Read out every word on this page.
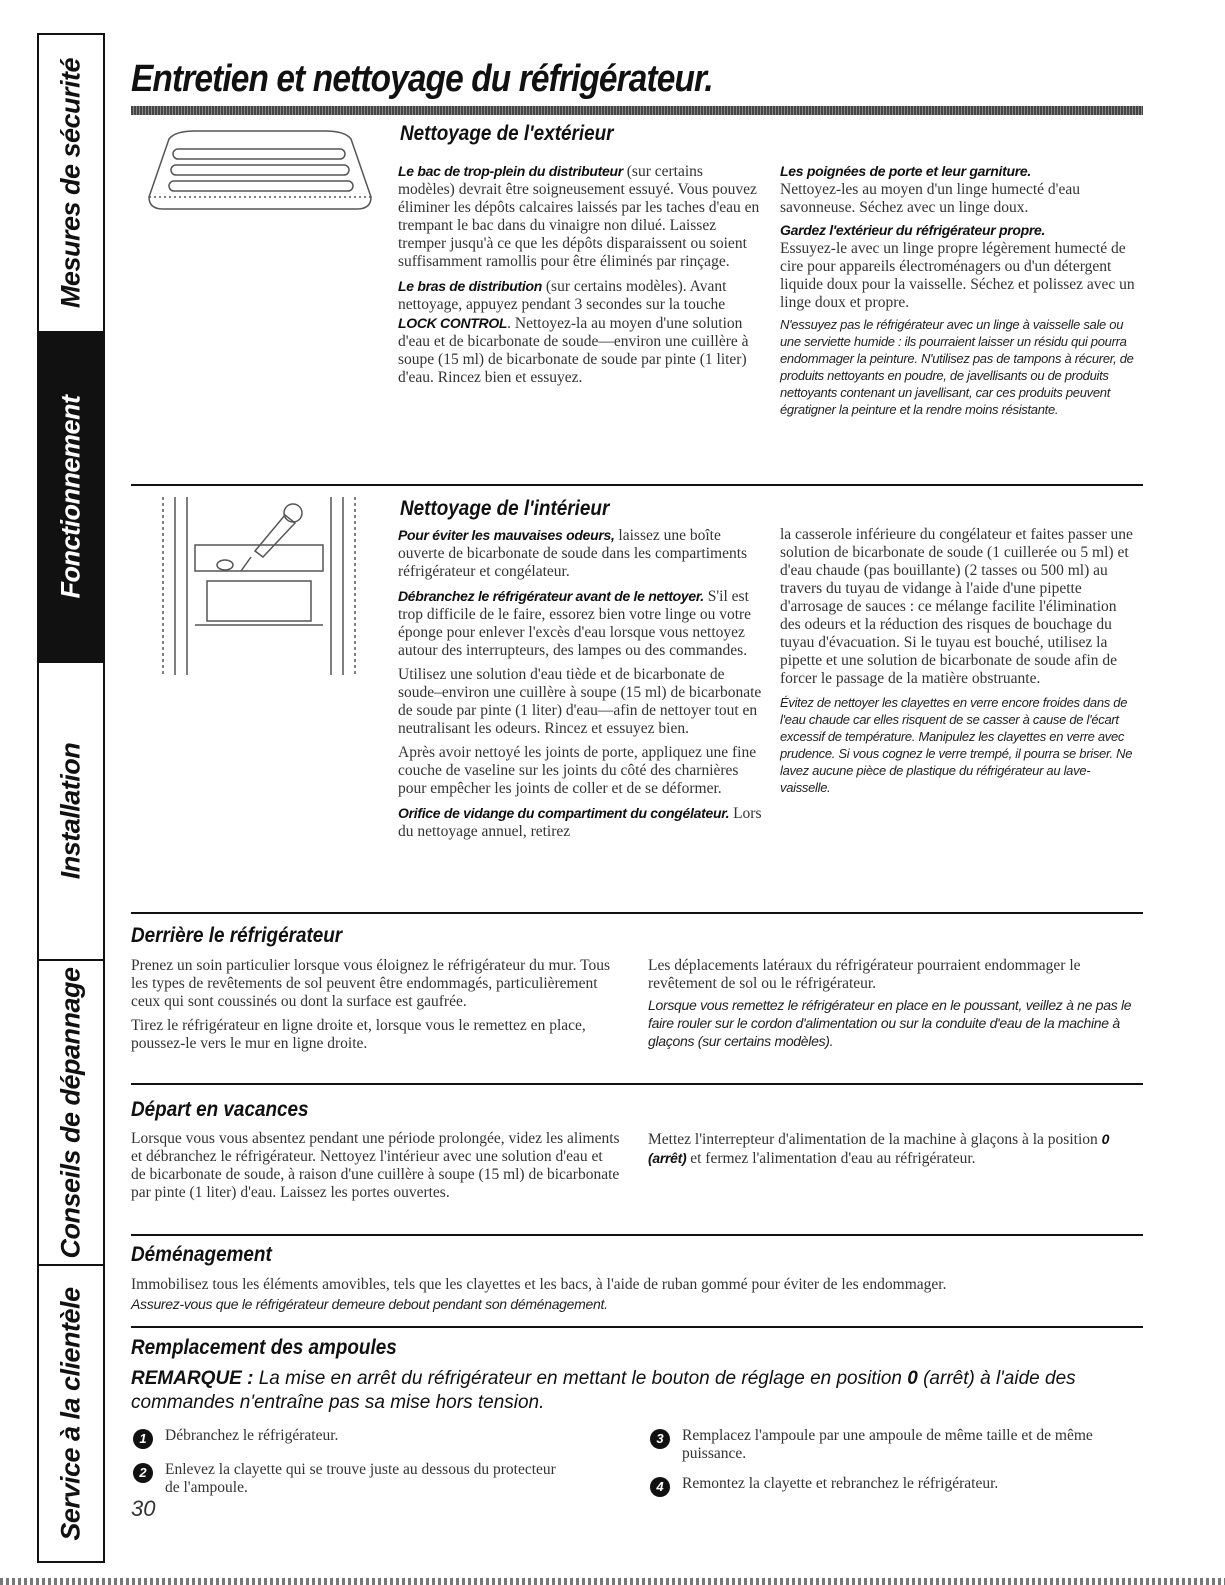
Mesures de sécurité
Fonctionnement
Installation
Conseils de dépannage
Service à la clientèle
Entretien et nettoyage du réfrigérateur.
Nettoyage de l'extérieur

Le bac de trop-plein du distributeur (sur certains modèles) devrait être soigneusement essuyé. Vous pouvez éliminer les dépôts calcaires laissés par les taches d'eau en trempant le bac dans du vinaigre non dilué. Laissez tremper jusqu'à ce que les dépôts disparaissent ou soient suffisamment ramollis pour être éliminés par rinçage.

Le bras de distribution (sur certains modèles). Avant nettoyage, appuyez pendant 3 secondes sur la touche LOCK CONTROL. Nettoyez-la au moyen d'une solution d'eau et de bicarbonate de soude—environ une cuillère à soupe (15 ml) de bicarbonate de soude par pinte (1 liter) d'eau. Rincez bien et essuyez.

Les poignées de porte et leur garniture.
Nettoyez-les au moyen d'un linge humecté d'eau savonneuse. Séchez avec un linge doux.

Gardez l'extérieur du réfrigérateur propre.
Essuyez-le avec un linge propre légèrement humecté de cire pour appareils électroménagers ou d'un détergent liquide doux pour la vaisselle. Séchez et polissez avec un linge doux et propre.

N'essuyez pas le réfrigérateur avec un linge à vaisselle sale ou une serviette humide : ils pourraient laisser un résidu qui pourra endommager la peinture. N'utilisez pas de tampons à récurer, de produits nettoyants en poudre, de javellisants ou de produits nettoyants contenant un javellisant, car ces produits peuvent égratigner la peinture et la rendre moins résistante.
Nettoyage de l'intérieur

Pour éviter les mauvaises odeurs, laissez une boîte ouverte de bicarbonate de soude dans les compartiments réfrigérateur et congélateur.

Débranchez le réfrigérateur avant de le nettoyer. S'il est trop difficile de le faire, essorez bien votre linge ou votre éponge pour enlever l'excès d'eau lorsque vous nettoyez autour des interrupteurs, des lampes ou des commandes.

Utilisez une solution d'eau tiède et de bicarbonate de soude–environ une cuillère à soupe (15 ml) de bicarbonate de soude par pinte (1 liter) d'eau—afin de nettoyer tout en neutralisant les odeurs. Rincez et essuyez bien.

Après avoir nettoyé les joints de porte, appliquez une fine couche de vaseline sur les joints du côté des charnières pour empêcher les joints de coller et de se déformer.

Orifice de vidange du compartiment du congélateur. Lors du nettoyage annuel, retirez

la casserole inférieure du congélateur et faites passer une solution de bicarbonate de soude (1 cuillerée ou 5 ml) et d'eau chaude (pas bouillante) (2 tasses ou 500 ml) au travers du tuyau de vidange à l'aide d'une pipette d'arrosage de sauces : ce mélange facilite l'élimination des odeurs et la réduction des risques de bouchage du tuyau d'évacuation. Si le tuyau est bouché, utilisez la pipette et une solution de bicarbonate de soude afin de forcer le passage de la matière obstruante.

Évitez de nettoyer les clayettes en verre encore froides dans de l'eau chaude car elles risquent de se casser à cause de l'écart excessif de température. Manipulez les clayettes en verre avec prudence. Si vous cognez le verre trempé, il pourra se briser. Ne lavez aucune pièce de plastique du réfrigérateur au lave-vaisselle.
Derrière le réfrigérateur

Prenez un soin particulier lorsque vous éloignez le réfrigérateur du mur. Tous les types de revêtements de sol peuvent être endommagés, particulièrement ceux qui sont coussinés ou dont la surface est gaufrée.

Tirez le réfrigérateur en ligne droite et, lorsque vous le remettez en place, poussez-le vers le mur en ligne droite.

Les déplacements latéraux du réfrigérateur pourraient endommager le revêtement de sol ou le réfrigérateur.

Lorsque vous remettez le réfrigérateur en place en le poussant, veillez à ne pas le faire rouler sur le cordon d'alimentation ou sur la conduite d'eau de la machine à glaçons (sur certains modèles).
Départ en vacances

Lorsque vous vous absentez pendant une période prolongée, videz les aliments et débranchez le réfrigérateur. Nettoyez l'intérieur avec une solution d'eau et de bicarbonate de soude, à raison d'une cuillère à soupe (15 ml) de bicarbonate par pinte (1 liter) d'eau. Laissez les portes ouvertes.

Mettez l'interrepteur d'alimentation de la machine à glaçons à la position 0 (arrêt) et fermez l'alimentation d'eau au réfrigérateur.

Déménagement

Immobilisez tous les éléments amovibles, tels que les clayettes et les bacs, à l'aide de ruban gommé pour éviter de les endommager.

Assurez-vous que le réfrigérateur demeure debout pendant son déménagement.
Remplacement des ampoules
REMARQUE : La mise en arrêt du réfrigérateur en mettant le bouton de réglage en position 0 (arrêt) à l'aide des commandes n'entraîne pas sa mise hors tension.
1	Débranchez le réfrigérateur.
2	Enlevez la clayette qui se trouve juste au dessous du protecteur de l'ampoule.
3	Remplacez l'ampoule par une ampoule de même taille et de même puissance.
4	Remontez la clayette et rebranchez le réfrigérateur.
30
